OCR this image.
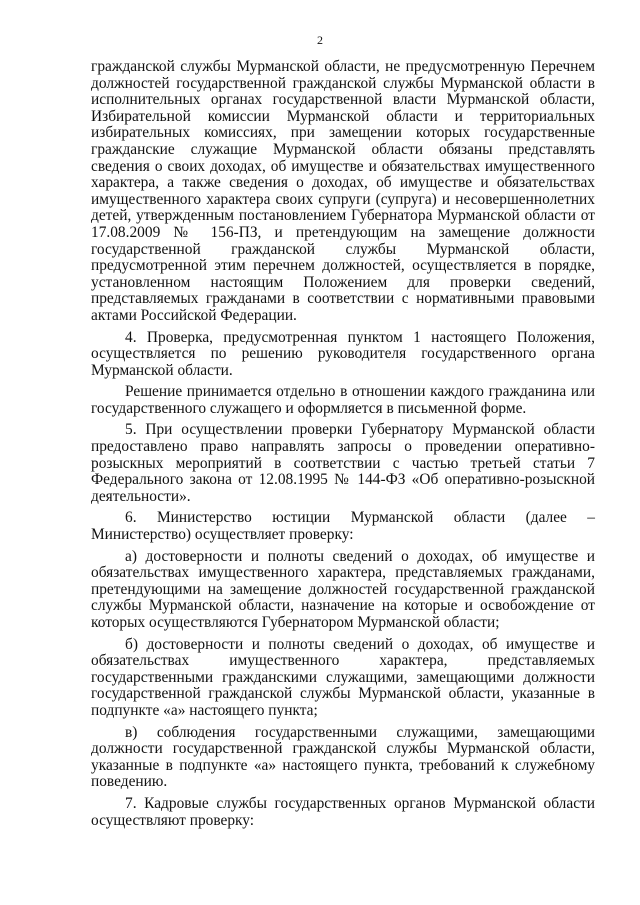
2

гражданской службы Мурманской области, не предусмотренную Перечнем должностей государственной гражданской службы Мурманской области в исполнительных органах государственной власти Мурманской области, Избирательной комиссии Мурманской области и территориальных избирательных комиссиях, при замещении которых государственные гражданские служащие Мурманской области обязаны представлять сведения о своих доходах, об имуществе и обязательствах имущественного характера, а также сведения о доходах, об имуществе и обязательствах имущественного характера своих супруги (супруга) и несовершеннолетних детей, утвержденным постановлением Губернатора Мурманской области от 17.08.2009 № 156-ПЗ, и претендующим на замещение должности государственной гражданской службы Мурманской области, предусмотренной этим перечнем должностей, осуществляется в порядке, установленном настоящим Положением для проверки сведений, представляемых гражданами в соответствии с нормативными правовыми актами Российской Федерации.

4. Проверка, предусмотренная пунктом 1 настоящего Положения, осуществляется по решению руководителя государственного органа Мурманской области.

Решение принимается отдельно в отношении каждого гражданина или государственного служащего и оформляется в письменной форме.

5. При осуществлении проверки Губернатору Мурманской области предоставлено право направлять запросы о проведении оперативно-розыскных мероприятий в соответствии с частью третьей статьи 7 Федерального закона от 12.08.1995 № 144-ФЗ «Об оперативно-розыскной деятельности».

6. Министерство юстиции Мурманской области (далее – Министерство) осуществляет проверку:

а) достоверности и полноты сведений о доходах, об имуществе и обязательствах имущественного характера, представляемых гражданами, претендующими на замещение должностей государственной гражданской службы Мурманской области, назначение на которые и освобождение от которых осуществляются Губернатором Мурманской области;

б) достоверности и полноты сведений о доходах, об имуществе и обязательствах имущественного характера, представляемых государственными гражданскими служащими, замещающими должности государственной гражданской службы Мурманской области, указанные в подпункте «а» настоящего пункта;

в) соблюдения государственными служащими, замещающими должности государственной гражданской службы Мурманской области, указанные в подпункте «а» настоящего пункта, требований к служебному поведению.

7. Кадровые службы государственных органов Мурманской области осуществляют проверку:
